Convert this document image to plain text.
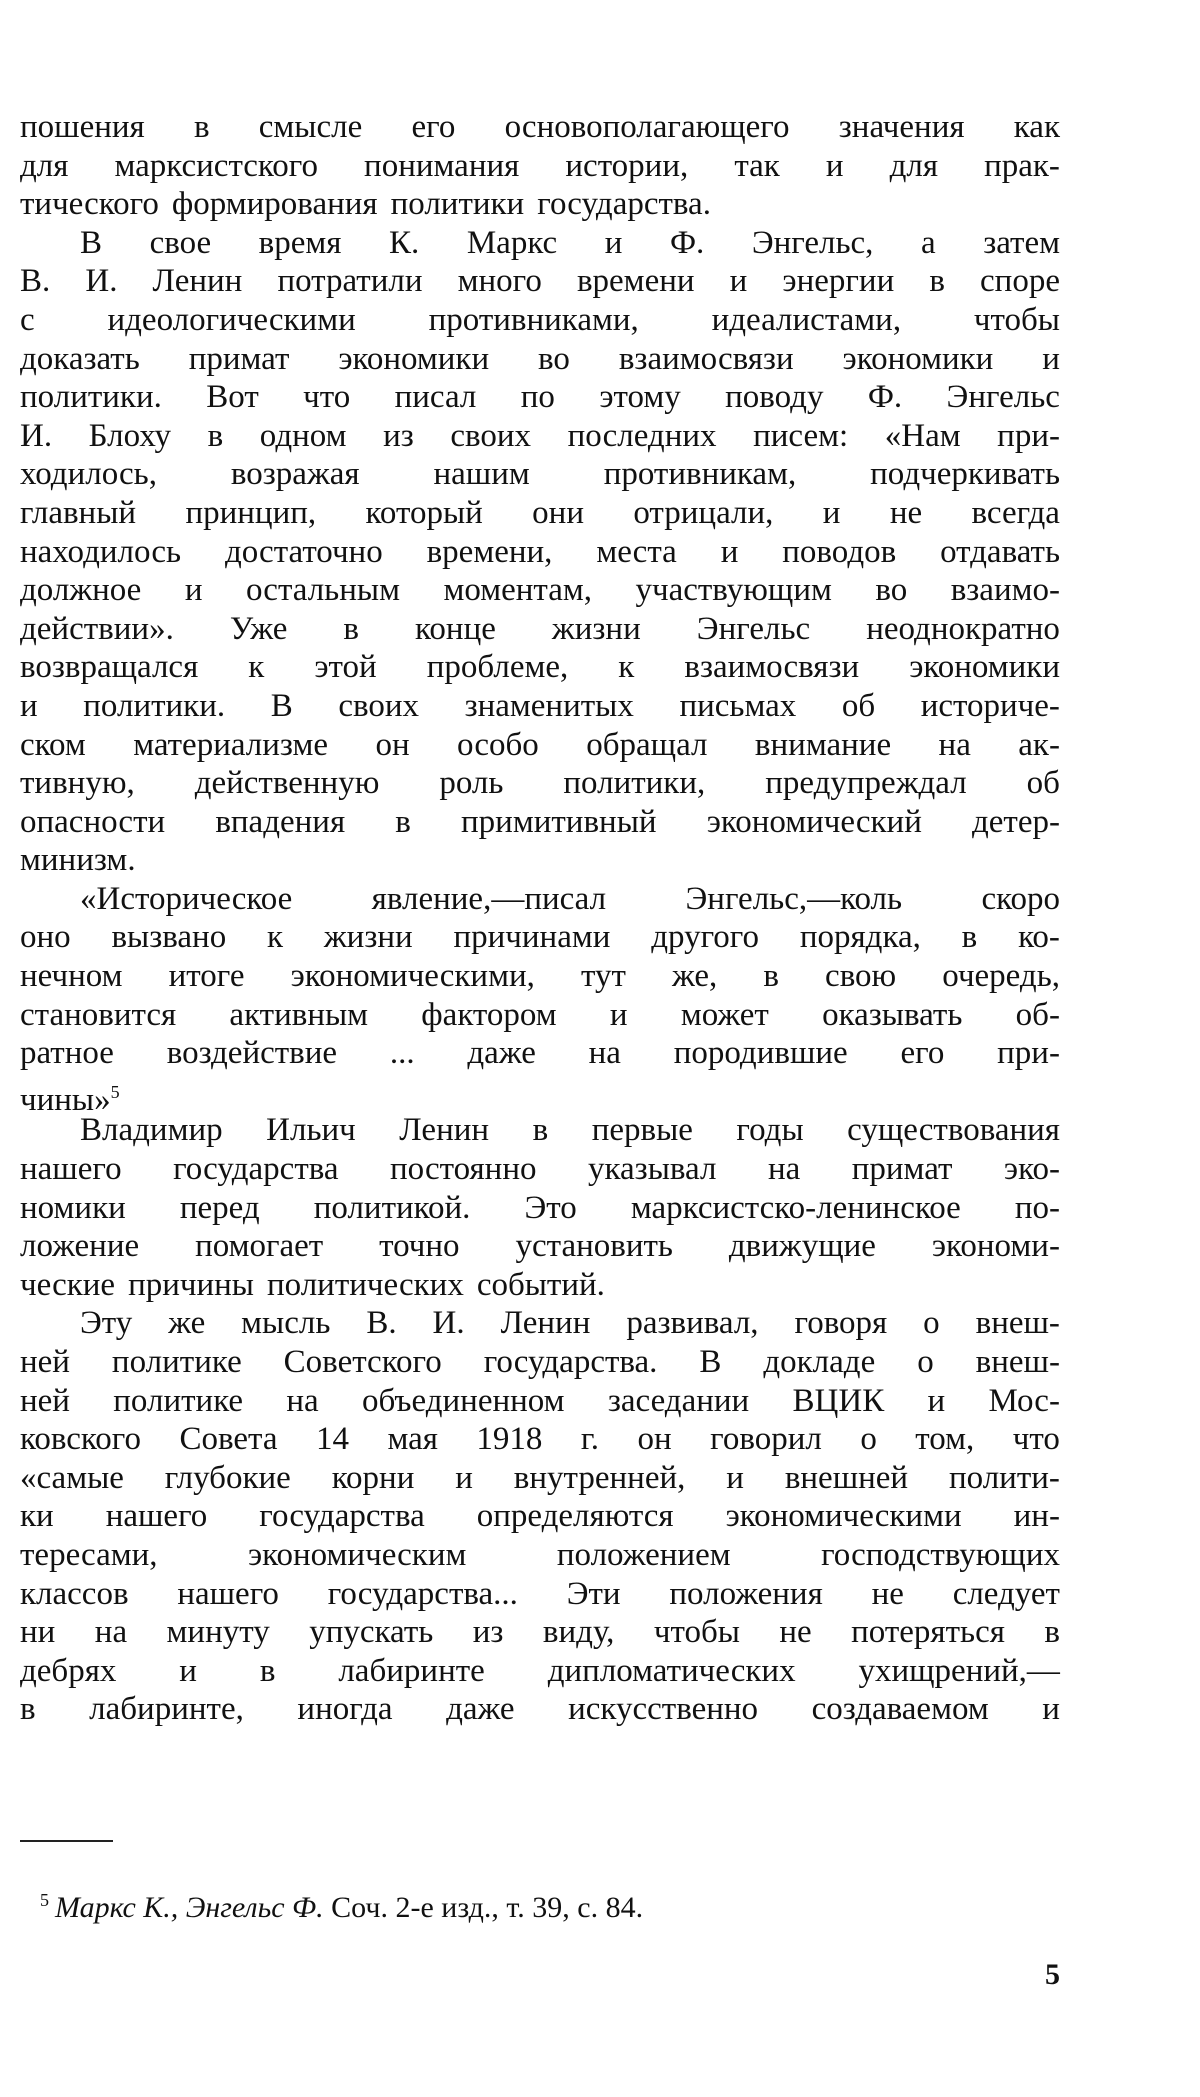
пошения в смысле его основополагающего значения как
для марксистского понимания истории, так и для прак-
тического формирования политики государства.
В свое время К. Маркс и Ф. Энгельс, а затем
В. И. Ленин потратили много времени и энергии в споре
с идеологическими противниками, идеалистами, чтобы
доказать примат экономики во взаимосвязи экономики и
политики. Вот что писал по этому поводу Ф. Энгельс
И. Блоху в одном из своих последних писем: «Нам при-
ходилось, возражая нашим противникам, подчеркивать
главный принцип, который они отрицали, и не всегда
находилось достаточно времени, места и поводов отдавать
должное и остальным моментам, участвующим во взаимо-
действии». Уже в конце жизни Энгельс неоднократно
возвращался к этой проблеме, к взаимосвязи экономики
и политики. В своих знаменитых письмах об историче-
ском материализме он особо обращал внимание на ак-
тивную, действенную роль политики, предупреждал об
опасности впадения в примитивный экономический детер-
минизм.
«Историческое явление,—писал Энгельс,—коль скоро
оно вызвано к жизни причинами другого порядка, в ко-
нечном итоге экономическими, тут же, в свою очередь,
становится активным фактором и может оказывать об-
ратное воздействие ... даже на породившие его при-
чины»$^5$
Владимир Ильич Ленин в первые годы существования
нашего государства постоянно указывал на примат эко-
номики перед политикой. Это марксистско-ленинское по-
ложение помогает точно установить движущие экономи-
ческие причины политических событий.
Эту же мысль В. И. Ленин развивал, говоря о внеш-
ней политике Советского государства. В докладе о внеш-
ней политике на объединенном заседании ВЦИК и Мос-
ковского Совета 14 мая 1918 г. он говорил о том, что
«самые глубокие корни и внутренней, и внешней полити-
ки нашего государства определяются экономическими ин-
тересами,	экономическим	положением	господствующих
классов нашего государства... Эти положения не следует
ни на минуту упускать из виду, чтобы не потеряться в
дебрях и в лабиринте дипломатических ухищрений,—
в лабиринте, иногда даже искусственно создаваемом и
$^5$ Маркс К., Энгельс Ф. Соч. 2-е изд., т. 39, с. 84.
5
